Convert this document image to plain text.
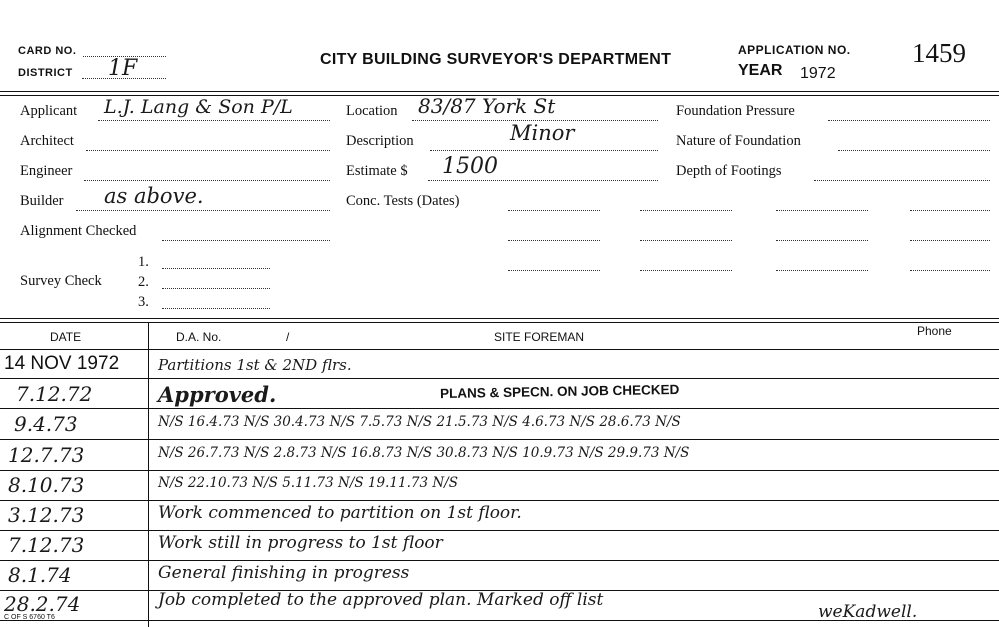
CARD NO.
DISTRICT 1F	CITY BUILDING SURVEYOR'S DEPARTMENT
APPLICATION NO. 1459
YEAR 1972
Applicant L.J. Lang & Son P/L
Architect
Engineer
Builder as above.
Alignment Checked
Survey Check
1.
2.
3.
Location 83/87 York St
Description	Minor
Estimate $ 1500
Conc. Tests (Dates)
Foundation Pressure
Nature of Foundation
Depth of Footings
DATE	D.A. No.	/	SITE FOREMAN	Phone
14 NOV 1972	Partitions 1st & 2ND flrs.
7.12.72	Approved.	PLANS & SPECN. ON JOB CHECKED
9.4.73	N/S 16.4.73 N/S 30.4.73 N/S 7.5.73 N/S 21.5.73 N/S 4.6.73 N/S 28.6.73 N/S
12.7.73	N/S 26.7.73 N/S 2.8.73 N/S 16.8.73 N/S 30.8.73 N/S 10.9.73 N/S 29.9.73 N/S
8.10.73	N/S 22.10.73 N/S 5.11.73 N/S 19.11.73 N/S
3.12.73	Work commenced to partition on 1st floor.
7.12.73	Work still in progress to 1st floor
8.1.74	General finishing in progress
28.2.74	Job completed to the approved plan. Marked off list
weKadwell.
C OF S 6760 T6
